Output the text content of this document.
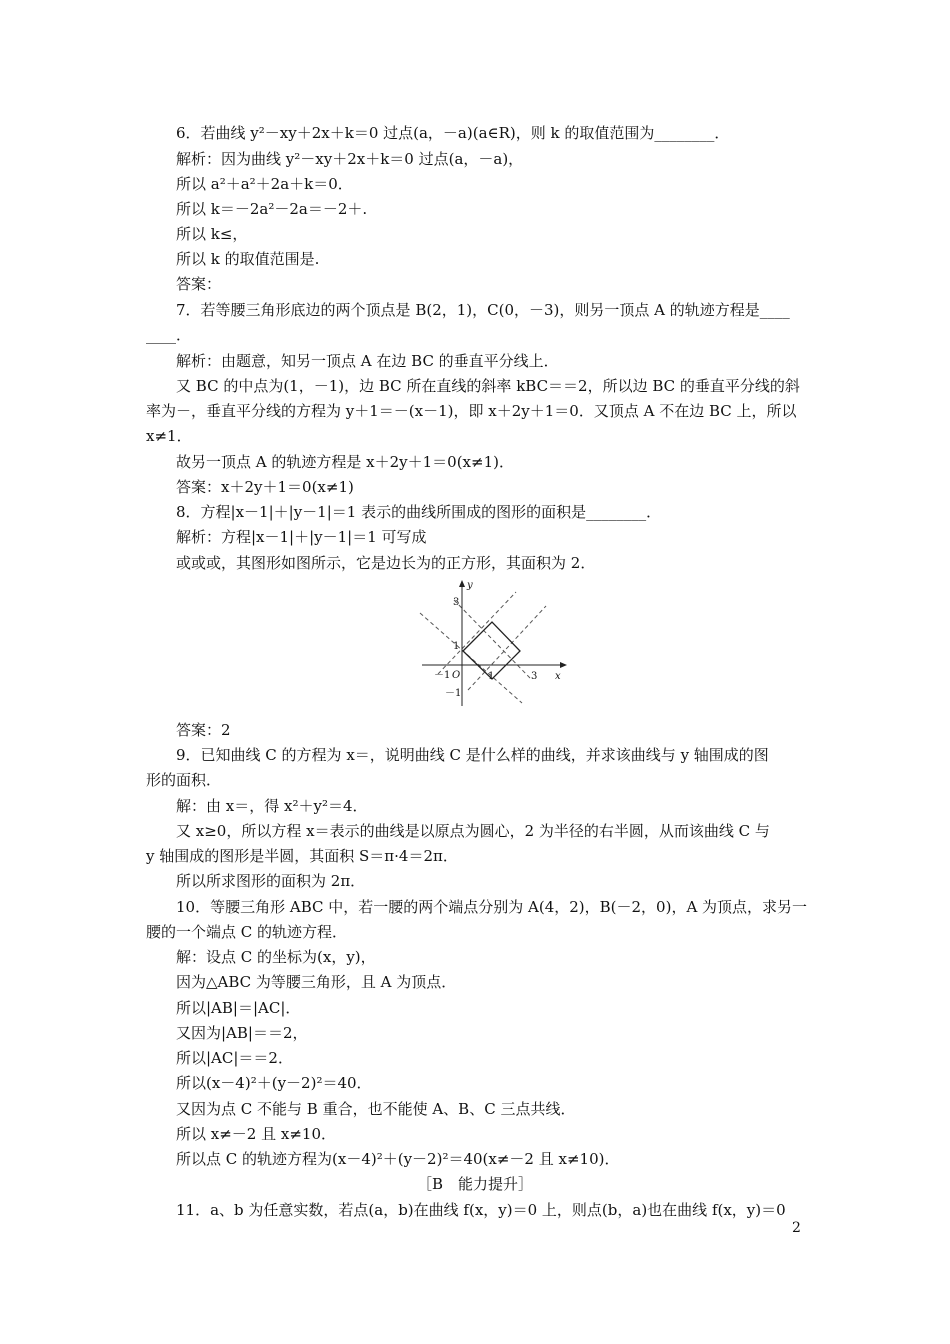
6．若曲线 y²－xy＋2x＋k＝0 过点(a，－a)(a∈R)，则 k 的取值范围为________．
解析：因为曲线 y²－xy＋2x＋k＝0 过点(a，－a)，
所以 a²＋a²＋2a＋k＝0．
所以 k＝－2a²－2a＝－2＋.
所以 k≤，
所以 k 的取值范围是.
答案：
7．若等腰三角形底边的两个顶点是 B(2，1)，C(0，－3)，则另一顶点 A 的轨迹方程是____
____．
解析：由题意，知另一顶点 A 在边 BC 的垂直平分线上．
又 BC 的中点为(1，－1)，边 BC 所在直线的斜率 kBC＝＝2，所以边 BC 的垂直平分线的斜
率为－，垂直平分线的方程为 y＋1＝－(x－1)，即 x＋2y＋1＝0．又顶点 A 不在边 BC 上，所以
x≠1．
故另一顶点 A 的轨迹方程是 x＋2y＋1＝0(x≠1)．
答案：x＋2y＋1＝0(x≠1)
8．方程|x－1|＋|y－1|＝1 表示的曲线所围成的图形的面积是________．
解析：方程|x－1|＋|y－1|＝1 可写成
或或或，其图形如图所示，它是边长为的正方形，其面积为 2．
x
y
O	1	3
－1
3
1
－1
答案：2
9．已知曲线 C 的方程为 x＝，说明曲线 C 是什么样的曲线，并求该曲线与 y 轴围成的图
形的面积．
解：由 x＝，得 x²＋y²＝4．
又 x≥0，所以方程 x＝表示的曲线是以原点为圆心，2 为半径的右半圆，从而该曲线 C 与
y 轴围成的图形是半圆，其面积 S＝π·4＝2π．
所以所求图形的面积为 2π．
10．等腰三角形 ABC 中，若一腰的两个端点分别为 A(4，2)，B(－2，0)，A 为顶点，求另一
腰的一个端点 C 的轨迹方程．
解：设点 C 的坐标为(x，y)，
因为△ABC 为等腰三角形，且 A 为顶点．
所以|AB|＝|AC|．
又因为|AB|＝＝2，
所以|AC|＝＝2．
所以(x－4)²＋(y－2)²＝40．
又因为点 C 不能与 B 重合，也不能使 A、B、C 三点共线．
所以 x≠－2 且 x≠10．
所以点 C 的轨迹方程为(x－4)²＋(y－2)²＝40(x≠－2 且 x≠10)．
［B　能力提升］
11．a、b 为任意实数，若点(a，b)在曲线 f(x，y)＝0 上，则点(b，a)也在曲线 f(x，y)＝0
2
